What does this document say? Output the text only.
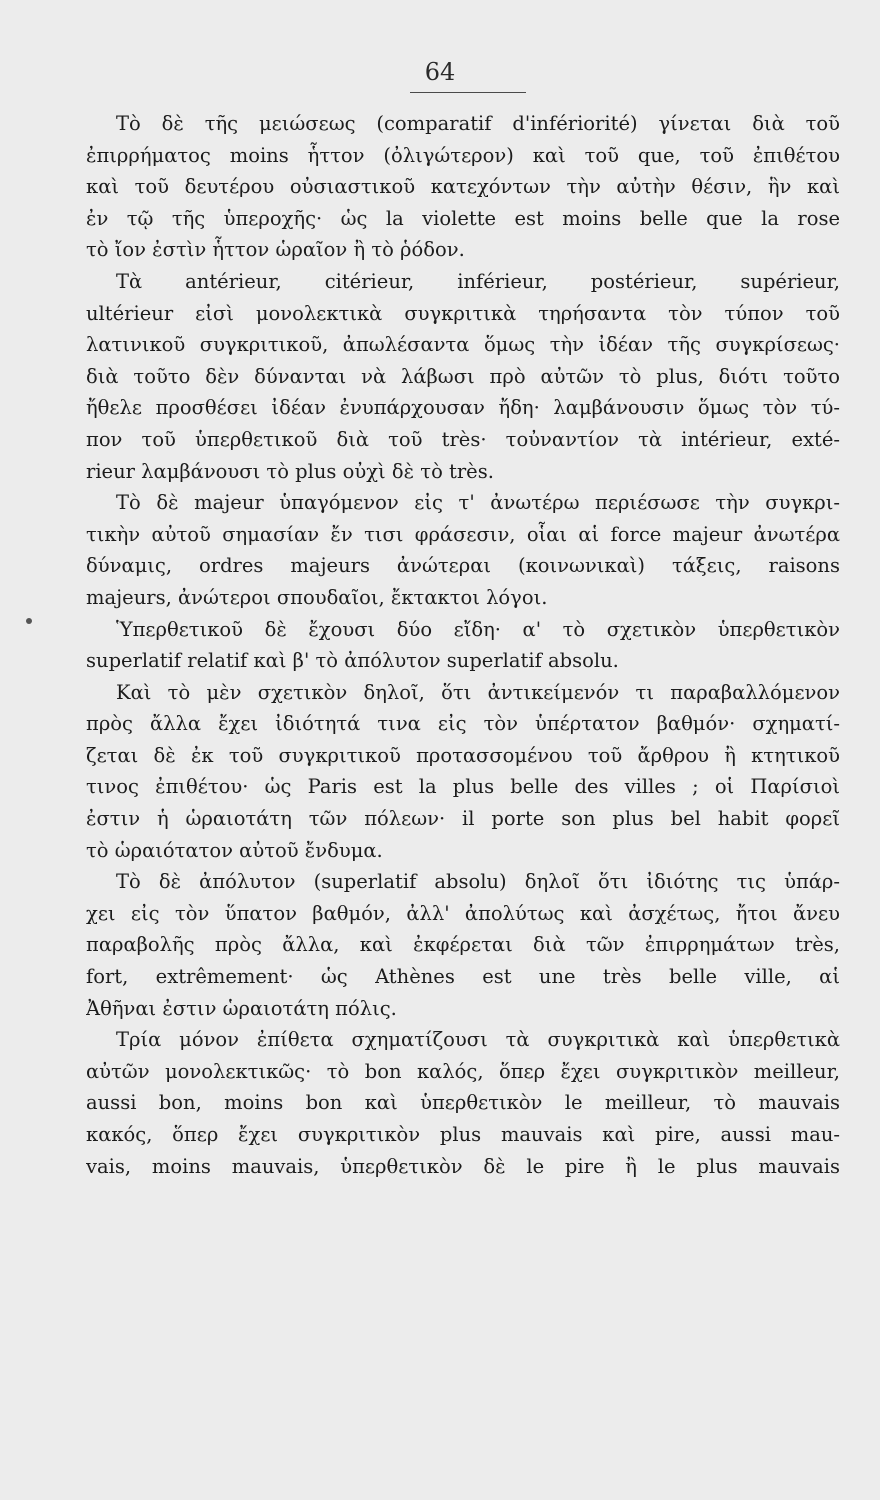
64
Τὸ δὲ τῆς μειώσεως (comparatif d'infériorité) γίνεται διὰ τοῦ
ἐπιρρήματος moins ἧττον (ὀλιγώτερον) καὶ τοῦ que, τοῦ ἐπιθέτου
καὶ τοῦ δευτέρου οὐσιαστικοῦ κατεχόντων τὴν αὐτὴν θέσιν, ἣν καὶ
ἐν τῷ τῆς ὑπεροχῆς· ὡς la violette est moins belle que la rose
τὸ ἴον ἐστὶν ἧττον ὡραῖον ἢ τὸ ῥόδον.
Τὰ antérieur, citérieur, inférieur, postérieur, supérieur,
ultérieur εἰσὶ μονολεκτικὰ συγκριτικὰ τηρήσαντα τὸν τύπον τοῦ
λατινικοῦ συγκριτικοῦ, ἀπωλέσαντα ὅμως τὴν ἰδέαν τῆς συγκρίσεως·
διὰ τοῦτο δὲν δύνανται νὰ λάβωσι πρὸ αὐτῶν τὸ plus, διότι τοῦτο
ἤθελε προσθέσει ἰδέαν ἐνυπάρχουσαν ἤδη· λαμβάνουσιν ὅμως τὸν τύ-
πον τοῦ ὑπερθετικοῦ διὰ τοῦ très· τοὐναντίον τὰ intérieur, exté-
rieur λαμβάνουσι τὸ plus οὐχὶ δὲ τὸ très.
Τὸ δὲ majeur ὑπαγόμενον εἰς τ' ἀνωτέρω περιέσωσε τὴν συγκρι-
τικὴν αὐτοῦ σημασίαν ἔν τισι φράσεσιν, οἷαι αἱ force majeur ἀνωτέρα
δύναμις, ordres majeurs ἀνώτεραι (κοινωνικαὶ) τάξεις, raisons
majeurs, ἀνώτεροι σπουδαῖοι, ἔκτακτοι λόγοι.
Ὑπερθετικοῦ δὲ ἔχουσι δύο εἴδη· α' τὸ σχετικὸν ὑπερθετικὸν
superlatif relatif καὶ β' τὸ ἀπόλυτον superlatif absolu.
Καὶ τὸ μὲν σχετικὸν δηλοῖ, ὅτι ἀντικείμενόν τι παραβαλλόμενον
πρὸς ἄλλα ἔχει ἰδιότητά τινα εἰς τὸν ὑπέρτατον βαθμόν· σχηματί-
ζεται δὲ ἐκ τοῦ συγκριτικοῦ προτασσομένου τοῦ ἄρθρου ἢ κτητικοῦ
τινος ἐπιθέτου· ὡς Paris est la plus belle des villes ; οἱ Παρίσιοὶ
ἐστιν ἡ ὡραιοτάτη τῶν πόλεων· il porte son plus bel habit φορεῖ
τὸ ὡραιότατον αὐτοῦ ἔνδυμα.
Τὸ δὲ ἀπόλυτον (superlatif absolu) δηλοῖ ὅτι ἰδιότης τις ὑπάρ-
χει εἰς τὸν ὕπατον βαθμόν, ἀλλ' ἀπολύτως καὶ ἀσχέτως, ἤτοι ἄνευ
παραβολῆς πρὸς ἄλλα, καὶ ἐκφέρεται διὰ τῶν ἐπιρρημάτων très,
fort, extrêmement· ὡς Athènes est une très belle ville, αἱ
Ἀθῆναι ἐστιν ὡραιοτάτη πόλις.
Τρία μόνον ἐπίθετα σχηματίζουσι τὰ συγκριτικὰ καὶ ὑπερθετικὰ
αὐτῶν μονολεκτικῶς· τὸ bon καλός, ὅπερ ἔχει συγκριτικὸν meilleur,
aussi bon, moins bon καὶ ὑπερθετικὸν le meilleur, τὸ mauvais
κακός, ὅπερ ἔχει συγκριτικὸν plus mauvais καὶ pire, aussi mau-
vais, moins mauvais, ὑπερθετικὸν δὲ le pire ἢ le plus mauvais
